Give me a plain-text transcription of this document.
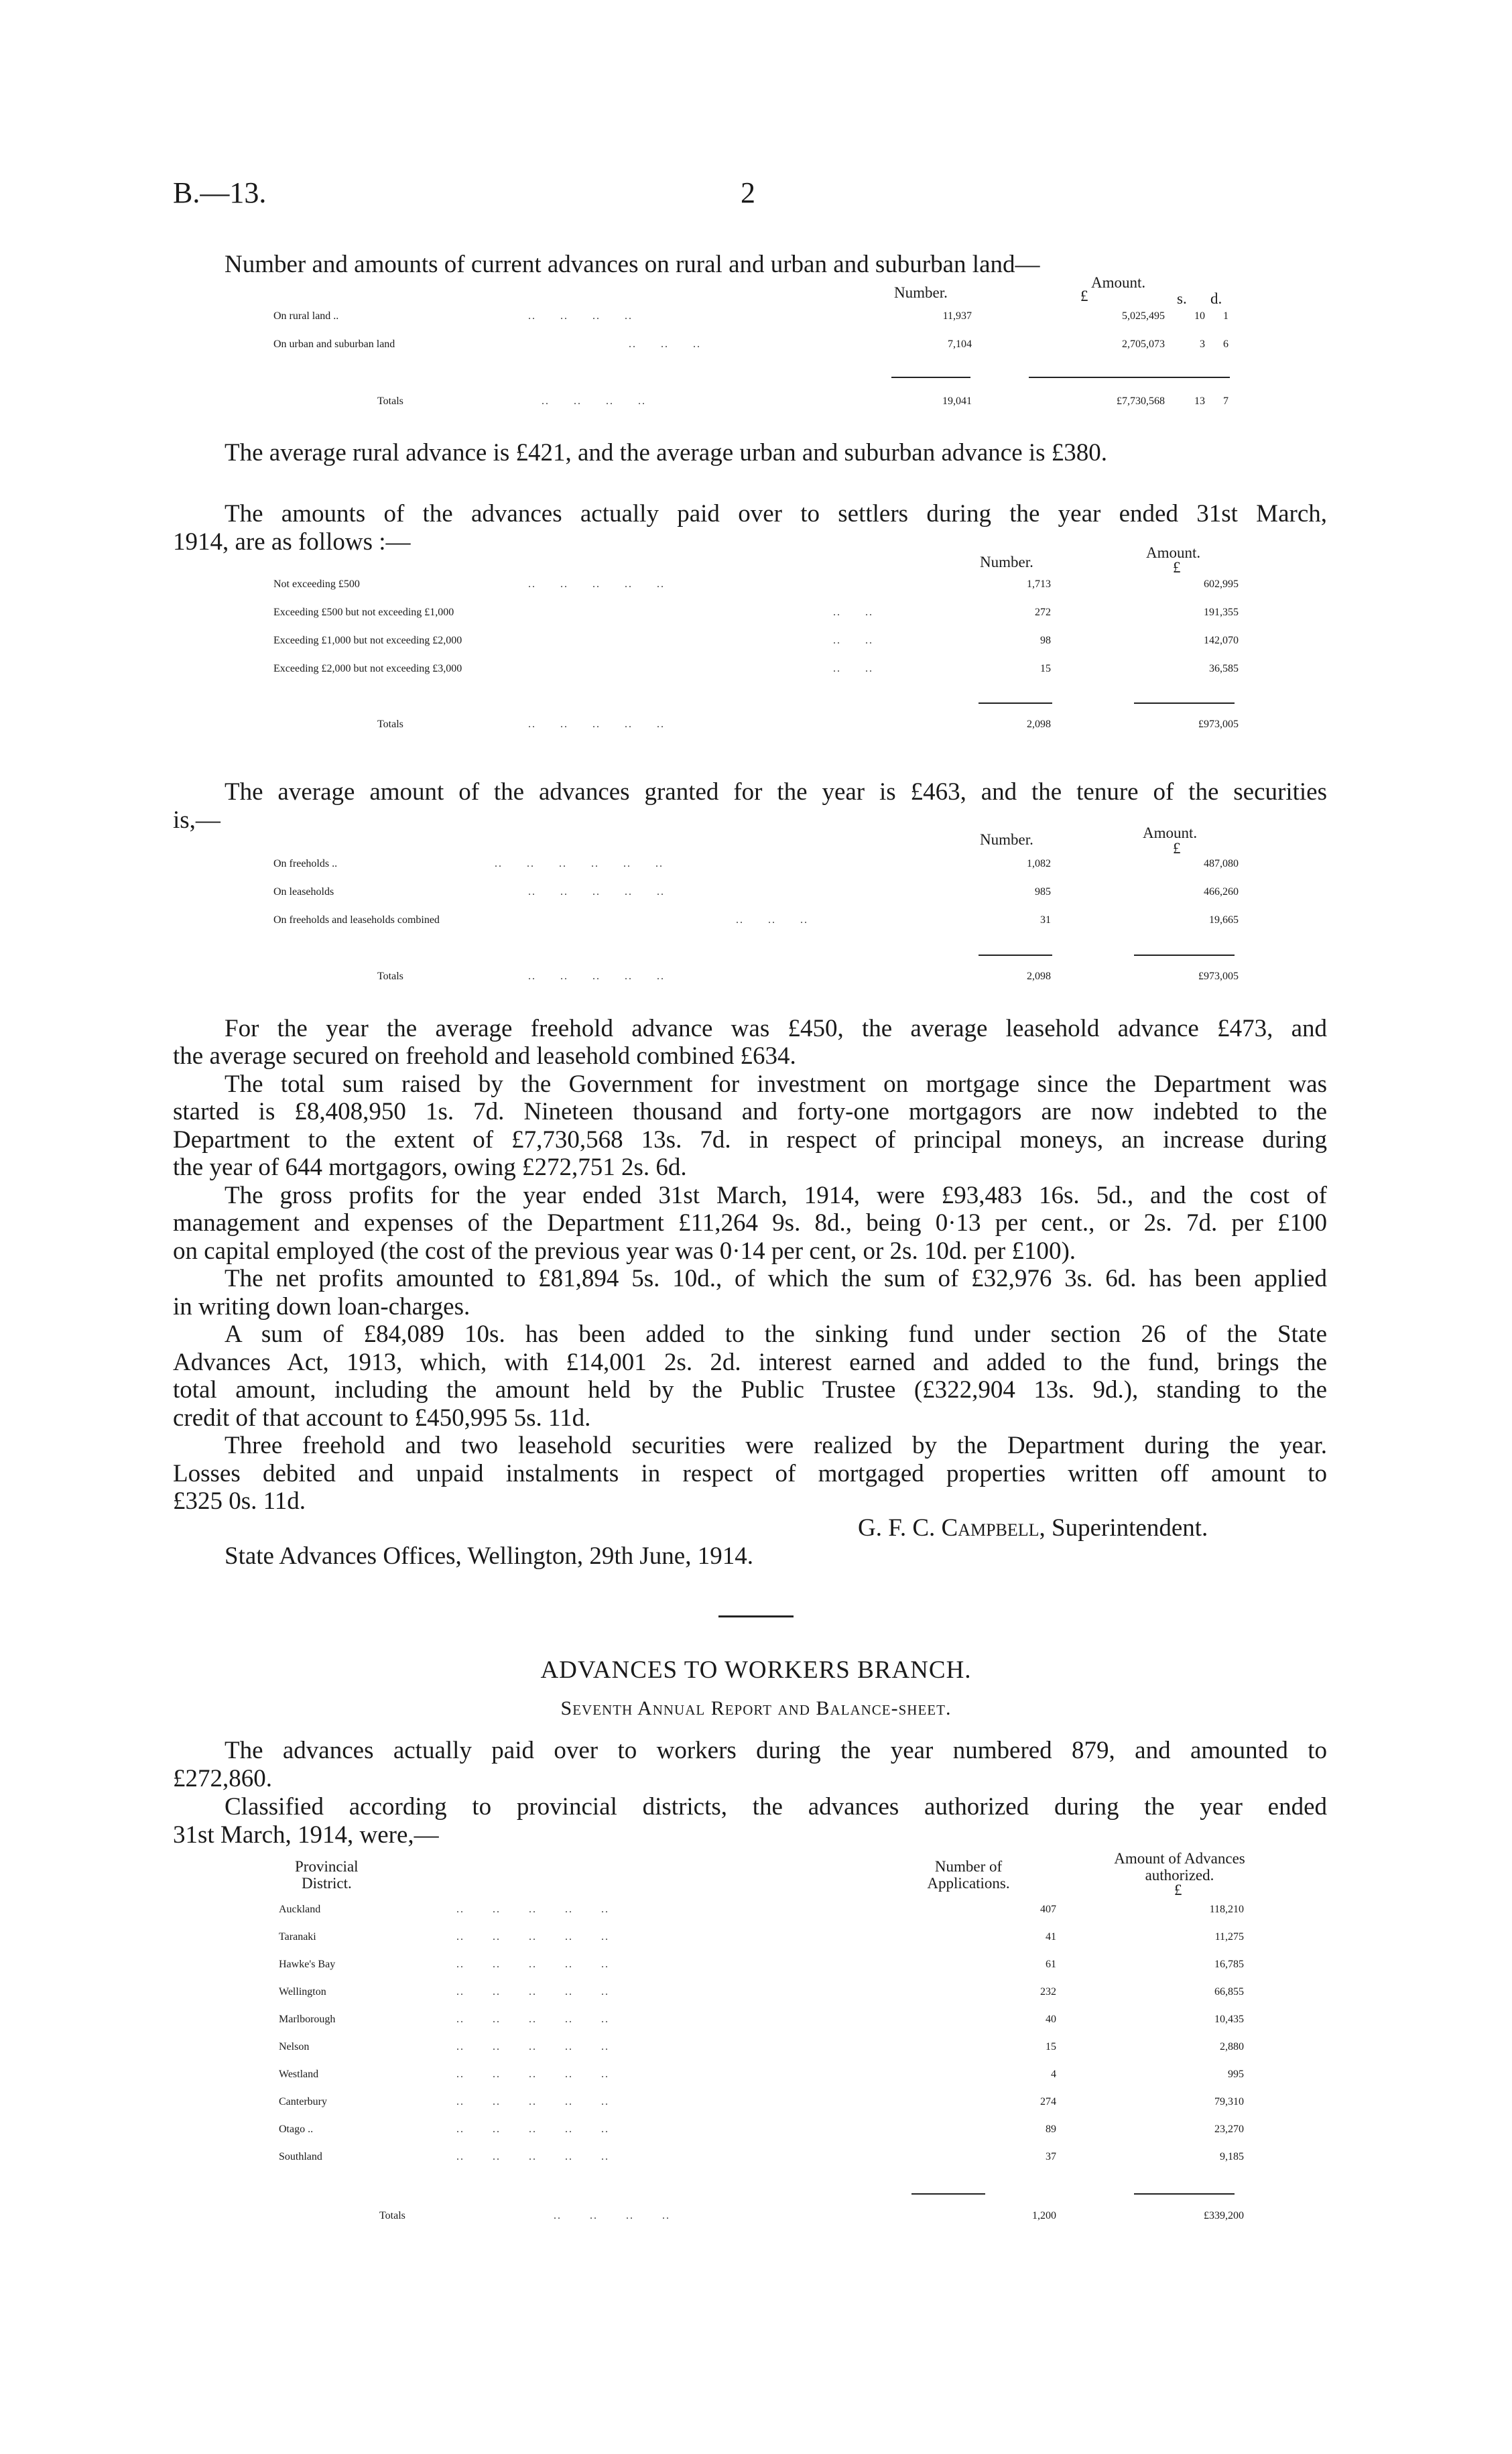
B.—13.	2
Number and amounts of current advances on rural and urban and suburban land—
Number.
Amount.
£	s. d.
On rural land ..	..      ..      ..      ..	11,937	5,025,495	10	1
On urban and suburban land	..      ..      ..	7,104	2,705,073	3	6
Totals	..      ..      ..      ..	19,041	£7,730,568	13	7
The average rural advance is £421, and the average urban and suburban advance is £380.
The amounts of the advances actually paid over to settlers during the year ended 31st March,
1914, are as follows :—
Number.
Amount.
£
Not exceeding £500	..      ..      ..      ..      ..	1,713	602,995
Exceeding £500 but not exceeding £1,000	..      ..	272	191,355
Exceeding £1,000 but not exceeding £2,000	..      ..	98	142,070
Exceeding £2,000 but not exceeding £3,000	..      ..	15	36,585
Totals	..      ..      ..      ..      ..	2,098	£973,005
The average amount of the advances granted for the year is £463, and the tenure of the securities
is,—
Number.	Amount.
£
On freeholds ..	..      ..      ..      ..      ..      ..	1,082	487,080
On leaseholds	..      ..      ..      ..      ..	985	466,260
On freeholds and leaseholds combined	..      ..      ..	31	19,665
Totals	..      ..      ..      ..      ..	2,098	£973,005
For the year the average freehold advance was £450, the average leasehold advance £473, and
the average secured on freehold and leasehold combined £634.
The total sum raised by the Government for investment on mortgage since the Department was
started is £8,408,950 1s. 7d. Nineteen thousand and forty-one mortgagors are now indebted to the
Department to the extent of £7,730,568 13s. 7d. in respect of principal moneys, an increase during
the year of 644 mortgagors, owing £272,751 2s. 6d.
The gross profits for the year ended 31st March, 1914, were £93,483 16s. 5d., and the cost of
management and expenses of the Department £11,264 9s. 8d., being 0·13 per cent., or 2s. 7d. per £100
on capital employed (the cost of the previous year was 0·14 per cent, or 2s. 10d. per £100).
The net profits amounted to £81,894 5s. 10d., of which the sum of £32,976 3s. 6d. has been applied
in writing down loan-charges.
A sum of £84,089 10s. has been added to the sinking fund under section 26 of the State
Advances Act, 1913, which, with £14,001 2s. 2d. interest earned and added to the fund, brings the
total amount, including the amount held by the Public Trustee (£322,904 13s. 9d.), standing to the
credit of that account to £450,995 5s. 11d.
Three freehold and two leasehold securities were realized by the Department during the year.
Losses debited and unpaid instalments in respect of mortgaged properties written off amount to
£325 0s. 11d.
G. F. C. Campbell, Superintendent.
State Advances Offices, Wellington, 29th June, 1914.
ADVANCES TO WORKERS BRANCH.
Seventh Annual Report and Balance-sheet.
The advances actually paid over to workers during the year numbered 879, and amounted to
£272,860.
Classified according to provincial districts, the advances authorized during the year ended
31st March, 1914, were,—
Provincial
District.
Number of
Applications.
Amount of Advances
authorized.
£
Auckland	..       ..       ..       ..       ..	407	118,210
Taranaki	..       ..       ..       ..       ..	41	11,275
Hawke's Bay	..       ..       ..       ..       ..	61	16,785
Wellington	..       ..       ..       ..       ..	232	66,855
Marlborough	..       ..       ..       ..       ..	40	10,435
Nelson	..       ..       ..       ..       ..	15	2,880
Westland	..       ..       ..       ..       ..	4	995
Canterbury	..       ..       ..       ..       ..	274	79,310
Otago ..	..       ..       ..       ..       ..	89	23,270
Southland	..       ..       ..       ..       ..	37	9,185
Totals	..       ..       ..       ..	1,200	£339,200
